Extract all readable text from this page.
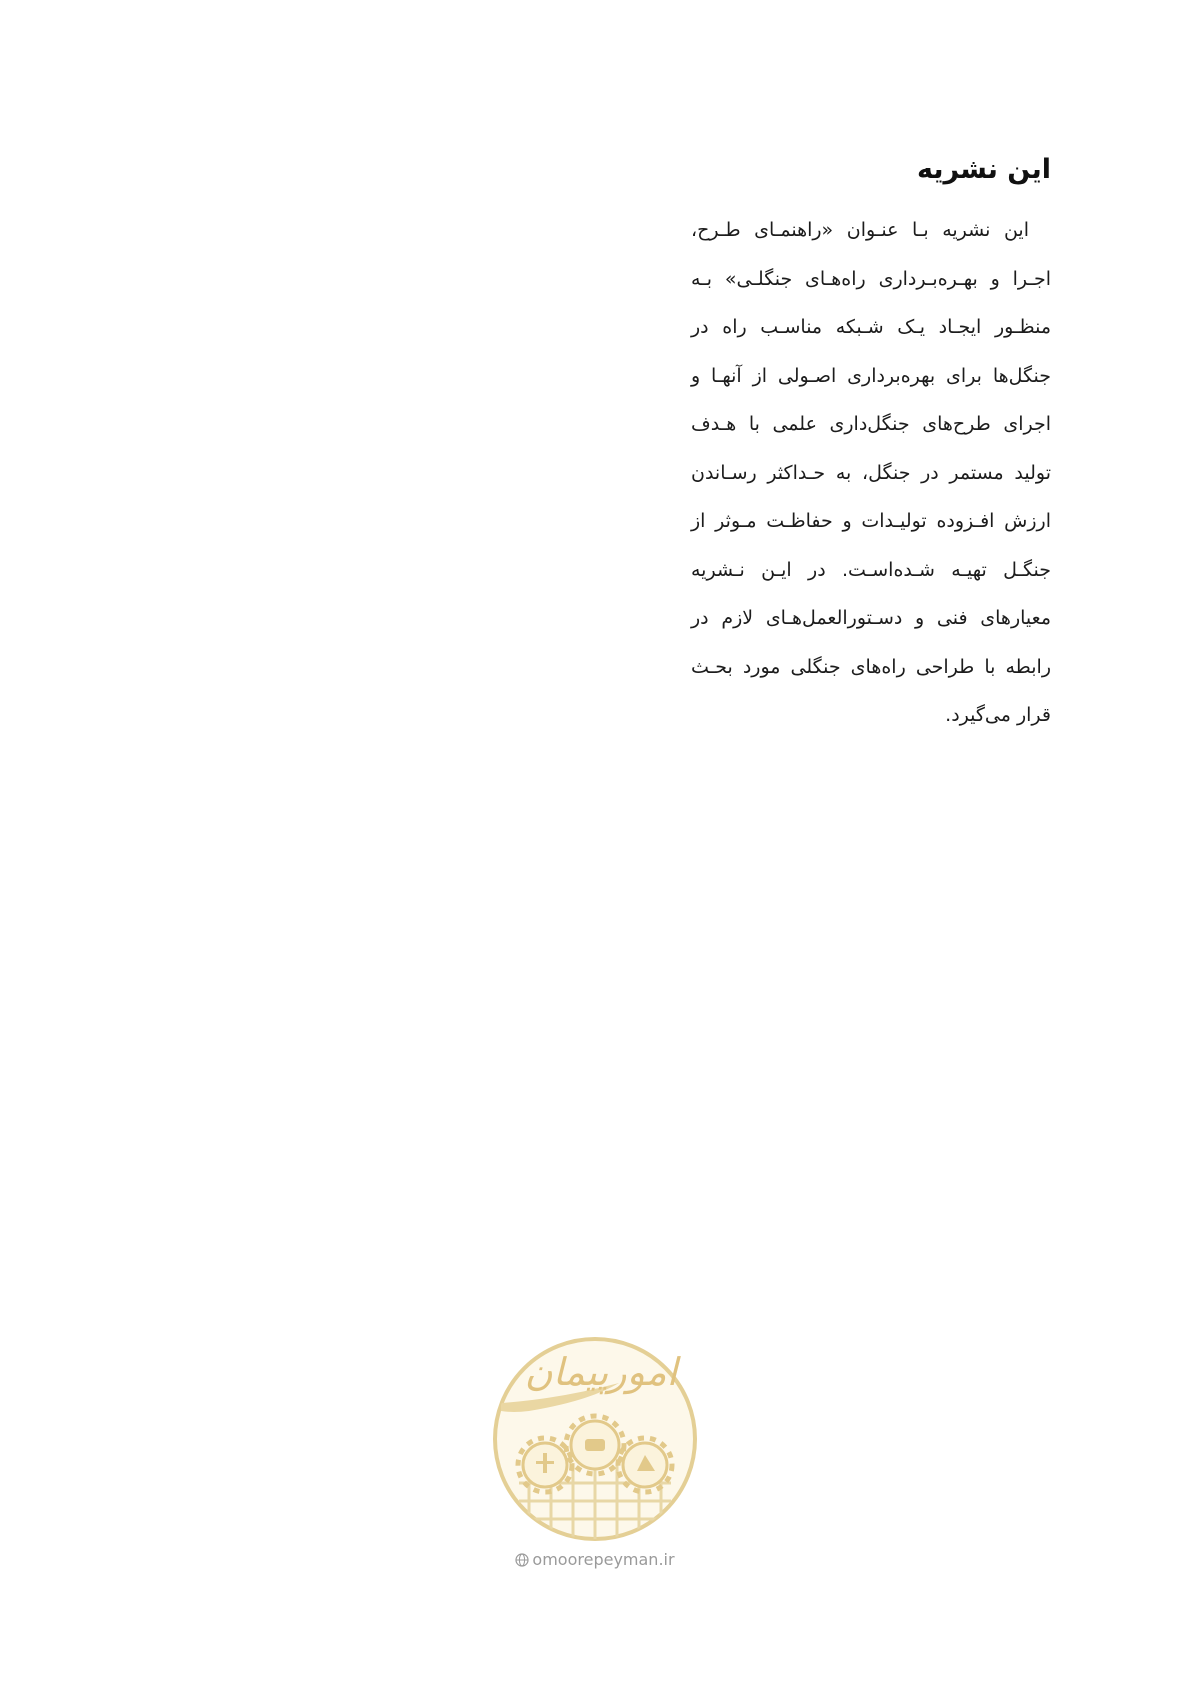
این نشریه
این نشریه بـا عنـوان «راهنمـای طـرح،
اجـرا و بهـره‌بـرداری راه‌هـای جنگلـی» بـه
منظـور ایجـاد یـک شـبکه مناسـب راه در
جنگل‌ها برای بهره‌برداری اصـولی از آنهـا و
اجرای طرح‌های جنگل‌داری علمی با هـدف
تولید مستمر در جنگل، به حـداکثر رسـاندن
ارزش افـزوده تولیـدات و حفاظـت مـوثر از
جنگـل تهیـه شـده‌اسـت. در ایـن نـشریه
معیارهای فنی و دسـتورالعمل‌هـای لازم در
رابطه با طراحی راه‌های جنگلی مورد بحـث
قرار می‌گیرد.
امورپیمان
omoorepeyman.ir
